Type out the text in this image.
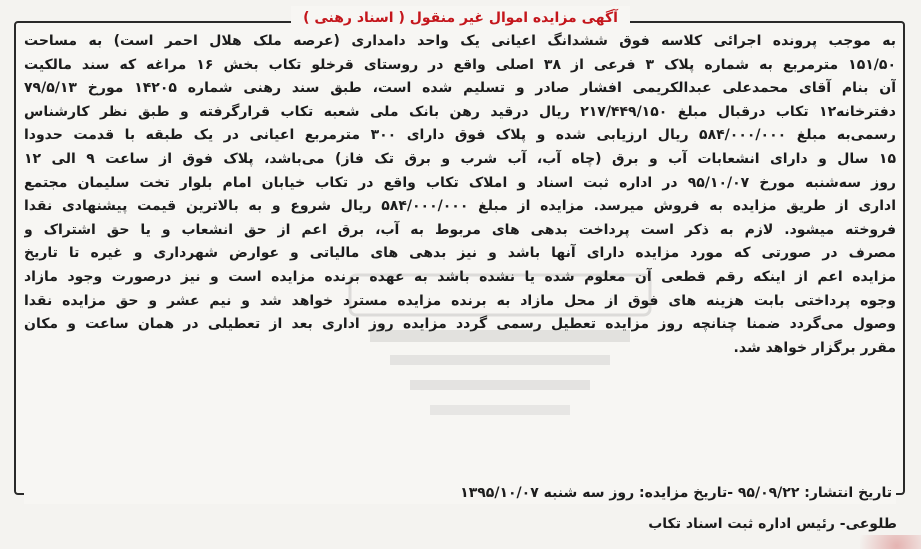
آگهی مزایده اموال غیر منقول ( اسناد رهنی )
به موجب پرونده اجرائی کلاسه فوق ششدانگ اعیانی یک واحد دامداری (عرصه ملک هلال احمر است) به مساحت
۱۵۱/۵۰ مترمربع به شماره پلاک ۳ فرعی از ۳۸ اصلی واقع در روستای قرخلو تکاب بخش ۱۶ مراغه که سند مالکیت
آن بنام آقای محمدعلی عبدالکریمی افشار صادر و تسلیم شده است، طبق سند رهنی شماره ۱۴۲۰۵ مورخ ۷۹/۵/۱۳
دفترخانه۱۲ تکاب درقبال مبلغ ۲۱۷/۴۴۹/۱۵۰ ریال درقید رهن بانک ملی شعبه تکاب قرارگرفته و طبق نظر کارشناس
رسمی‌به مبلغ ۵۸۴/۰۰۰/۰۰۰ ریال ارزیابی شده و پلاک فوق دارای ۳۰۰ مترمربع اعیانی در یک طبقه با قدمت حدودا
۱۵ سال و دارای انشعابات آب و برق (چاه آب، آب شرب و برق تک فاز) می‌باشد، پلاک فوق از ساعت ۹ الی ۱۲
روز سه‌شنبه مورخ ۹۵/۱۰/۰۷ در اداره ثبت اسناد و املاک تکاب واقع در تکاب خیابان امام بلوار تخت سلیمان مجتمع
اداری از طریق مزایده به فروش میرسد. مزایده از مبلغ ۵۸۴/۰۰۰/۰۰۰ ریال شروع و به بالاترین قیمت پیشنهادی نقدا
فروخته میشود. لازم به ذکر است پرداخت بدهی های مربوط به آب، برق اعم از حق انشعاب و یا حق اشتراک و
مصرف در صورتی که مورد مزایده دارای آنها باشد و نیز بدهی های مالیاتی و عوارض شهرداری و غیره تا تاریخ
مزایده اعم از اینکه رقم قطعی آن معلوم شده یا نشده باشد به عهده برنده مزایده است و نیز درصورت وجود مازاد
وجوه پرداختی بابت هزینه های فوق از محل مازاد به برنده مزایده مسترد خواهد شد و نیم عشر و حق مزایده نقدا
وصول می‌گردد ضمنا چنانچه روز مزایده تعطیل رسمی گردد مزایده روز اداری بعد از تعطیلی در همان ساعت و مکان
مقرر برگزار خواهد شد.
تاریخ انتشار: ۹۵/۰۹/۲۲ -تاریخ مزایده: روز سه شنبه ۱۳۹۵/۱۰/۰۷
طلوعی- رئیس اداره ثبت اسناد تکاب
